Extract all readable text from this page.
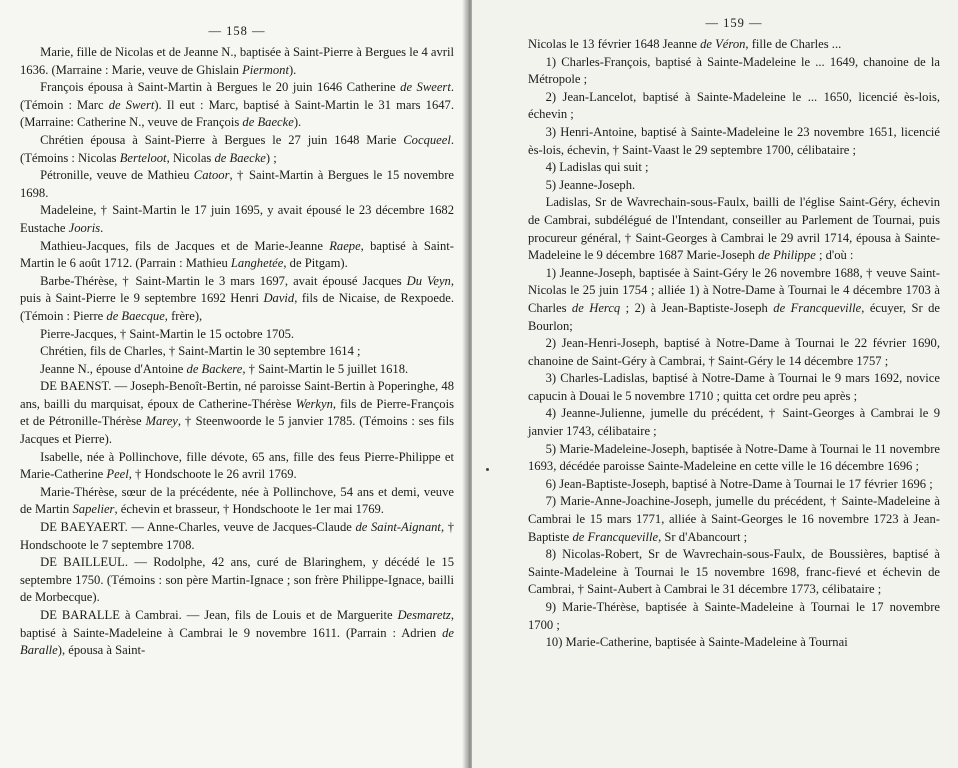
— 158 —

Marie, fille de Nicolas et de Jeanne N., baptisée à Saint-Pierre à Bergues le 4 avril 1636. (Marraine : Marie, veuve de Ghislain Piermont).

François épousa à Saint-Martin à Bergues le 20 juin 1646 Catherine de Sweert. (Témoin : Marc de Swert). Il eut : Marc, baptisé à Saint-Martin le 31 mars 1647. (Marraine: Catherine N., veuve de François de Baecke).

Chrétien épousa à Saint-Pierre à Bergues le 27 juin 1648 Marie Cocqueel. (Témoins : Nicolas Berteloot, Nicolas de Baecke) ;

Pétronille, veuve de Mathieu Catoor, † Saint-Martin à Bergues le 15 novembre 1698.

Madeleine, † Saint-Martin le 17 juin 1695, y avait épousé le 23 décembre 1682 Eustache Jooris.

Mathieu-Jacques, fils de Jacques et de Marie-Jeanne Raepe, baptisé à Saint-Martin le 6 août 1712. (Parrain : Mathieu Langhetée, de Pitgam).

Barbe-Thérèse, † Saint-Martin le 3 mars 1697, avait épousé Jacques Du Veyn, puis à Saint-Pierre le 9 septembre 1692 Henri David, fils de Nicaise, de Rexpoede. (Témoin : Pierre de Baecque, frère),

Pierre-Jacques, † Saint-Martin le 15 octobre 1705.

Chrétien, fils de Charles, † Saint-Martin le 30 septembre 1614 ;

Jeanne N., épouse d'Antoine de Backere, † Saint-Martin le 5 juillet 1618.

DE BAENST. — Joseph-Benoît-Bertin, né paroisse Saint-Bertin à Poperinghe, 48 ans, bailli du marquisat, époux de Catherine-Thérèse Werkyn, fils de Pierre-François et de Pétronille-Thérèse Marey, † Steenwoorde le 5 janvier 1785. (Témoins : ses fils Jacques et Pierre).

Isabelle, née à Pollinchove, fille dévote, 65 ans, fille des feus Pierre-Philippe et Marie-Catherine Peel, † Hondschoote le 26 avril 1769.

Marie-Thérèse, sœur de la précédente, née à Pollinchove, 54 ans et demi, veuve de Martin Sapelier, échevin et brasseur, † Hondschoote le 1er mai 1769.

DE BAEYAERT. — Anne-Charles, veuve de Jacques-Claude de Saint-Aignant, † Hondschoote le 7 septembre 1708.

DE BAILLEUL. — Rodolphe, 42 ans, curé de Blaringhem, y décédé le 15 septembre 1750. (Témoins : son père Martin-Ignace ; son frère Philippe-Ignace, bailli de Morbecque).

DE BARALLE à Cambrai. — Jean, fils de Louis et de Marguerite Desmaretz, baptisé à Sainte-Madeleine à Cambrai le 9 novembre 1611. (Parrain : Adrien de Baralle), épousa à Saint-

— 159 —

Nicolas le 13 février 1648 Jeanne de Véron, fille de Charles ...

1) Charles-François, baptisé à Sainte-Madeleine le ... 1649, chanoine de la Métropole ;

2) Jean-Lancelot, baptisé à Sainte-Madeleine le ... 1650, licencié ès-lois, échevin ;

3) Henri-Antoine, baptisé à Sainte-Madeleine le 23 novembre 1651, licencié ès-lois, échevin, † Saint-Vaast le 29 septembre 1700, célibataire ;

4) Ladislas qui suit ;

5) Jeanne-Joseph.

Ladislas, Sr de Wavrechain-sous-Faulx, bailli de l'église Saint-Géry, échevin de Cambrai, subdélégué de l'Intendant, conseiller au Parlement de Tournai, puis procureur général, † Saint-Georges à Cambrai le 29 avril 1714, épousa à Sainte-Madeleine le 9 décembre 1687 Marie-Joseph de Philippe ; d'où :

1) Jeanne-Joseph, baptisée à Saint-Géry le 26 novembre 1688, † veuve Saint-Nicolas le 25 juin 1754 ; alliée 1) à Notre-Dame à Tournai le 4 décembre 1703 à Charles de Hercq ; 2) à Jean-Baptiste-Joseph de Francqueville, écuyer, Sr de Bourlon;

2) Jean-Henri-Joseph, baptisé à Notre-Dame à Tournai le 22 février 1690, chanoine de Saint-Géry à Cambrai, † Saint-Géry le 14 décembre 1757 ;

3) Charles-Ladislas, baptisé à Notre-Dame à Tournai le 9 mars 1692, novice capucin à Douai le 5 novembre 1710 ; quitta cet ordre peu après ;

4) Jeanne-Julienne, jumelle du précédent, † Saint-Georges à Cambrai le 9 janvier 1743, célibataire ;

5) Marie-Madeleine-Joseph, baptisée à Notre-Dame à Tournai le 11 novembre 1693, décédée paroisse Sainte-Madeleine en cette ville le 16 décembre 1696 ;

6) Jean-Baptiste-Joseph, baptisé à Notre-Dame à Tournai le 17 février 1696 ;

7) Marie-Anne-Joachine-Joseph, jumelle du précédent, † Sainte-Madeleine à Cambrai le 15 mars 1771, alliée à Saint-Georges le 16 novembre 1723 à Jean-Baptiste de Francqueville, Sr d'Abancourt ;

8) Nicolas-Robert, Sr de Wavrechain-sous-Faulx, de Boussières, baptisé à Sainte-Madeleine à Tournai le 15 novembre 1698, franc-fievé et échevin de Cambrai, † Saint-Aubert à Cambrai le 31 décembre 1773, célibataire ;

9) Marie-Thérèse, baptisée à Sainte-Madeleine à Tournai le 17 novembre 1700 ;

10) Marie-Catherine, baptisée à Sainte-Madeleine à Tournai
